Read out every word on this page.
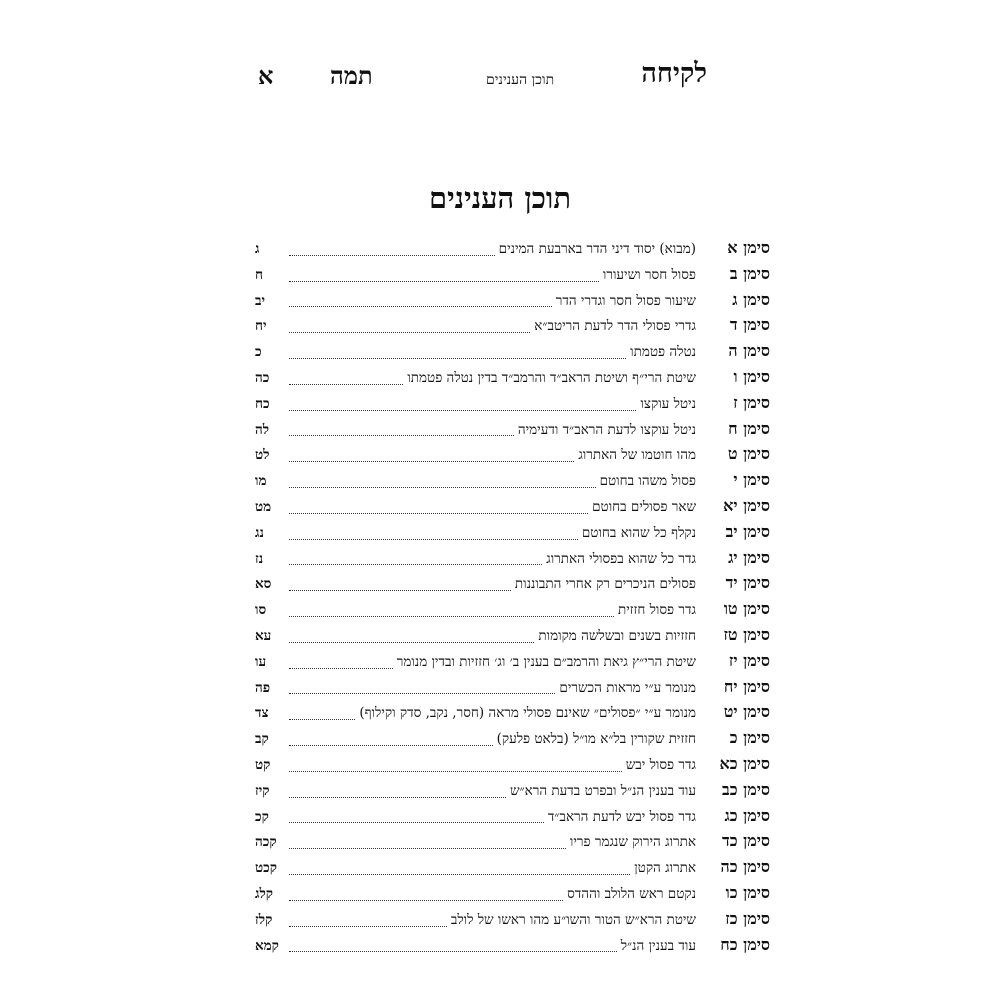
לקיחה
תוכן הענינים
תמה
א
תוכן הענינים
סימן א
(מבוא) יסוד דיני הדר בארבעת המינים
ג
סימן ב
פסול חסר ושיעורו
ח
סימן ג
שיעור פסול חסר וגדרי הדר
יב
סימן ד
גדרי פסולי הדר לדעת הריטב״א
יח
סימן ה
נטלה פטמתו
כ
סימן ו
שיטת הרי״ף ושיטת הראב״ד והרמב״ד בדין נטלה פטמתו
כה
סימן ז
ניטל עוקצו
כח
סימן ח
ניטל עוקצו לדעת הראב״ד ודעימיה
לה
סימן ט
מהו חוטמו של האתרוג
לט
סימן י
פסול משהו בחוטם
מו
סימן יא
שאר פסולים בחוטם
מט
סימן יב
נקלף כל שהוא בחוטם
נג
סימן יג
גדר כל שהוא בפסולי האתרוג
נז
סימן יד
פסולים הניכרים רק אחרי התבוננות
סא
סימן טו
גדר פסול חזזית
סו
סימן טז
חזזיות בשנים ובשלשה מקומות
עא
סימן יז
שיטת הרי״ץ גיאת והרמב״ם בענין ב׳ וג׳ חזזיות ובדין מנומר
עו
סימן יח
מנומר ע״י מראות הכשרים
פה
סימן יט
מנומר ע״י ״פסולים״ שאינם פסולי מראה (חסר, נקב, סדק וקילוף)
צד
סימן כ
חזזית שקורין בל״א מו״ל (בלאט פלעק)
קב
סימן כא
גדר פסול יבש
קט
סימן כב
עוד בענין הנ״ל ובפרט בדעת הרא״ש
קיז
סימן כג
גדר פסול יבש לדעת הראב״ד
קכ
סימן כד
אתרוג הירוק שנגמר פריו
קכה
סימן כה
אתרוג הקטן
קכט
סימן כו
נקטם ראש הלולב וההדס
קלג
סימן כז
שיטת הרא״ש הטור והשו״ע מהו ראשו של לולב
קלז
סימן כח
עוד בענין הנ״ל
קמא
